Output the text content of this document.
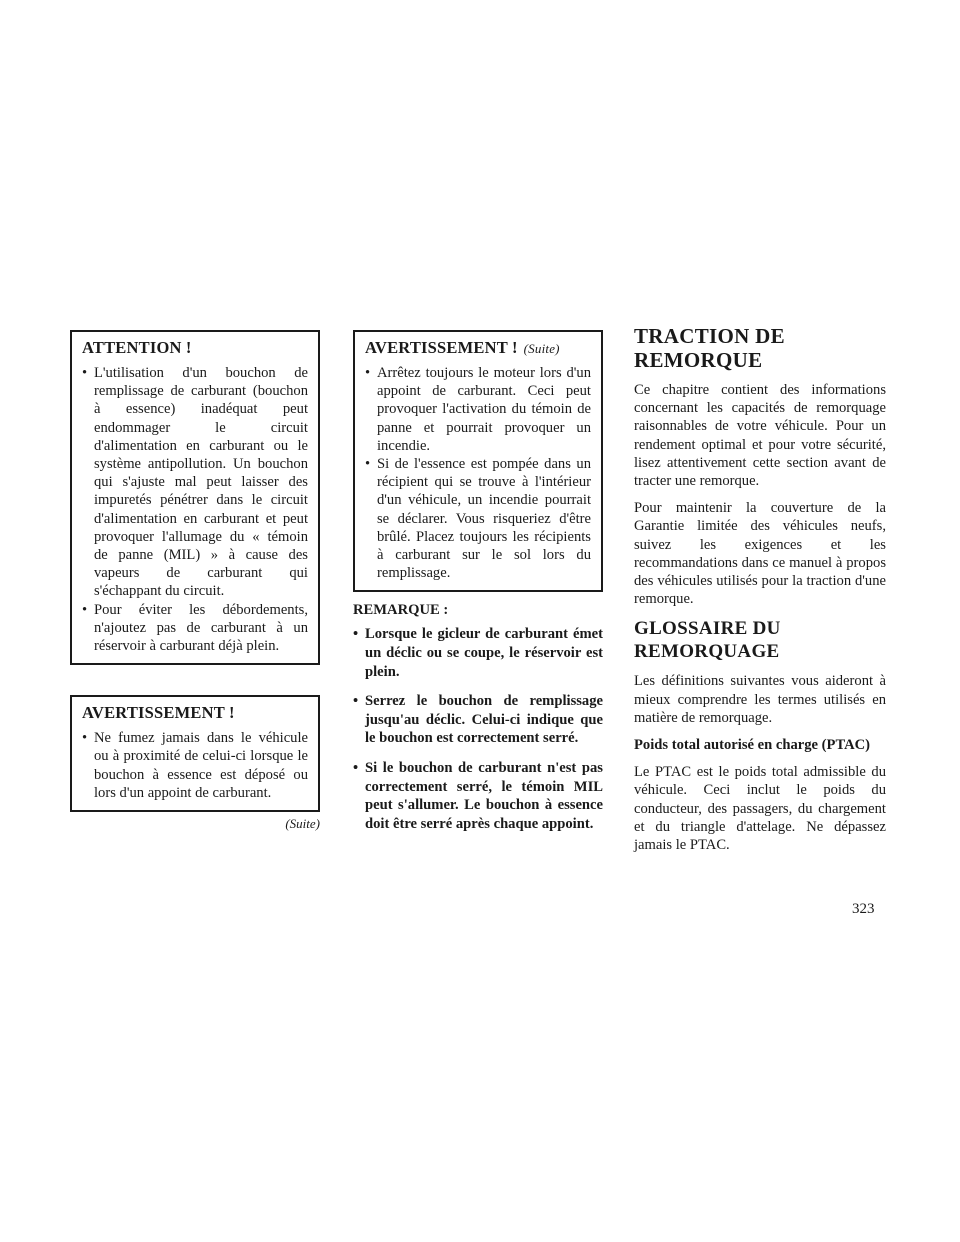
ATTENTION !
• L'utilisation d'un bouchon de remplissage de carburant (bouchon à essence) inadéquat peut endommager le circuit d'alimentation en carburant ou le système antipollution. Un bouchon qui s'ajuste mal peut laisser des impuretés pénétrer dans le circuit d'alimentation en carburant et peut provoquer l'allumage du « témoin de panne (MIL) » à cause des vapeurs de carburant qui s'échappant du circuit.
• Pour éviter les débordements, n'ajoutez pas de carburant à un réservoir à carburant déjà plein.
AVERTISSEMENT !
• Ne fumez jamais dans le véhicule ou à proximité de celui-ci lorsque le bouchon à essence est déposé ou lors d'un appoint de carburant.
(Suite)
AVERTISSEMENT ! (Suite)
• Arrêtez toujours le moteur lors d'un appoint de carburant. Ceci peut provoquer l'activation du témoin de panne et pourrait provoquer un incendie.
• Si de l'essence est pompée dans un récipient qui se trouve à l'intérieur d'un véhicule, un incendie pourrait se déclarer. Vous risqueriez d'être brûlé. Placez toujours les récipients à carburant sur le sol lors du remplissage.
REMARQUE :
• Lorsque le gicleur de carburant émet un déclic ou se coupe, le réservoir est plein.
• Serrez le bouchon de remplissage jusqu'au déclic. Celui-ci indique que le bouchon est correctement serré.
• Si le bouchon de carburant n'est pas correctement serré, le témoin MIL peut s'allumer. Le bouchon à essence doit être serré après chaque appoint.
TRACTION DE REMORQUE

Ce chapitre contient des informations concernant les capacités de remorquage raisonnables de votre véhicule. Pour un rendement optimal et pour votre sécurité, lisez attentivement cette section avant de tracter une remorque.

Pour maintenir la couverture de la Garantie limitée des véhicules neufs, suivez les exigences et les recommandations dans ce manuel à propos des véhicules utilisés pour la traction d'une remorque.

GLOSSAIRE DU REMORQUAGE

Les définitions suivantes vous aideront à mieux comprendre les termes utilisés en matière de remorquage.

Poids total autorisé en charge (PTAC)

Le PTAC est le poids total admissible du véhicule. Ceci inclut le poids du conducteur, des passagers, du chargement et du triangle d'attelage. Ne dépassez jamais le PTAC.

323
